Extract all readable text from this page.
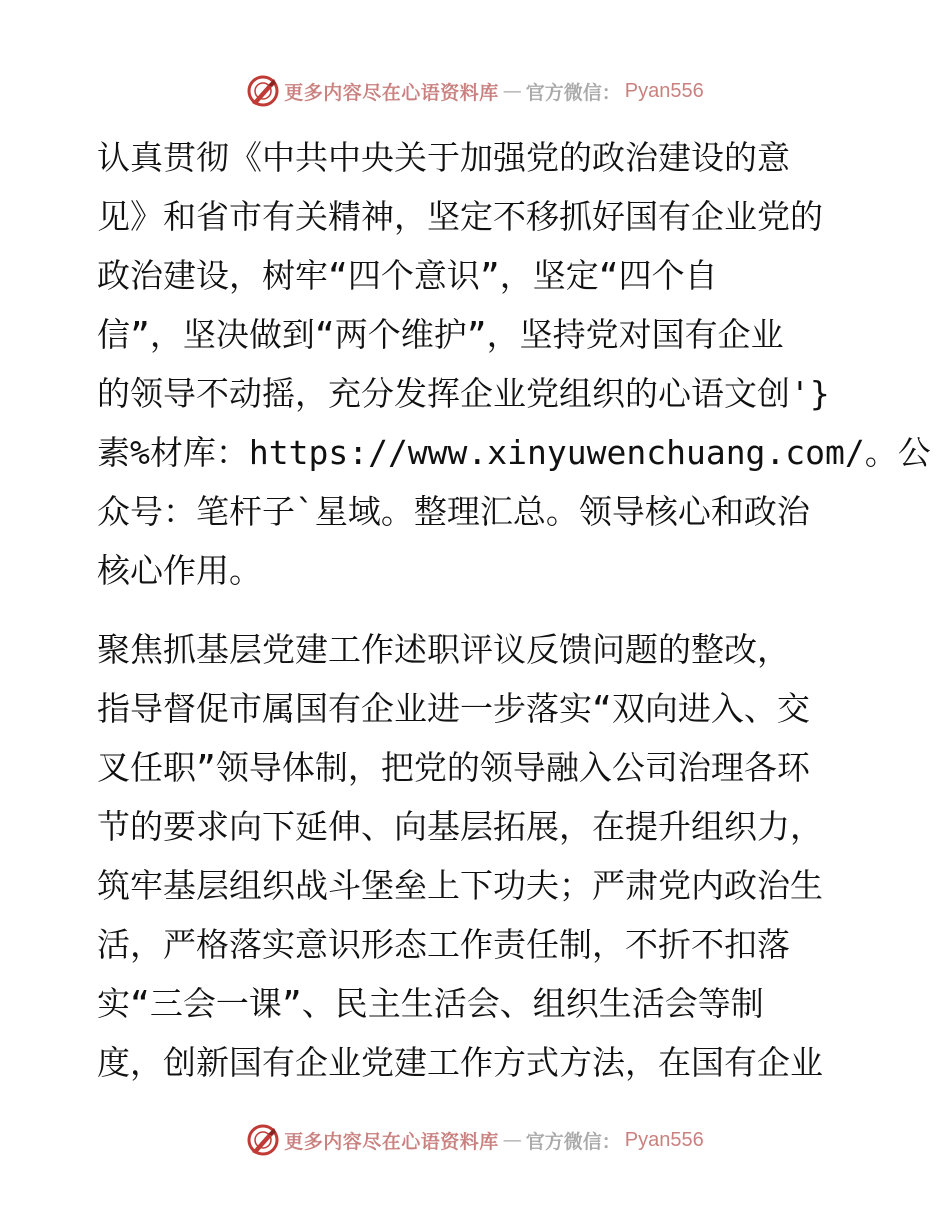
更多内容尽在心语资料库 — 官方微信： Pyan556
认真贯彻《中共中央关于加强党的政治建设的意
见》和省市有关精神，坚定不移抓好国有企业党的
政治建设，树牢“四个意识”，坚定“四个自
信”，坚决做到“两个维护”，坚持党对国有企业
的领导不动摇，充分发挥企业党组织的心语文创'}
素%材库：https://www.xinyuwenchuang.com/。公
众号：笔杆子`星域。整理汇总。领导核心和政治
核心作用。
聚焦抓基层党建工作述职评议反馈问题的整改，
指导督促市属国有企业进一步落实“双向进入、交
叉任职”领导体制，把党的领导融入公司治理各环
节的要求向下延伸、向基层拓展，在提升组织力，
筑牢基层组织战斗堡垒上下功夫；严肃党内政治生
活，严格落实意识形态工作责任制，不折不扣落
实“三会一课”、民主生活会、组织生活会等制
度，创新国有企业党建工作方式方法，在国有企业
更多内容尽在心语资料库 — 官方微信： Pyan556
